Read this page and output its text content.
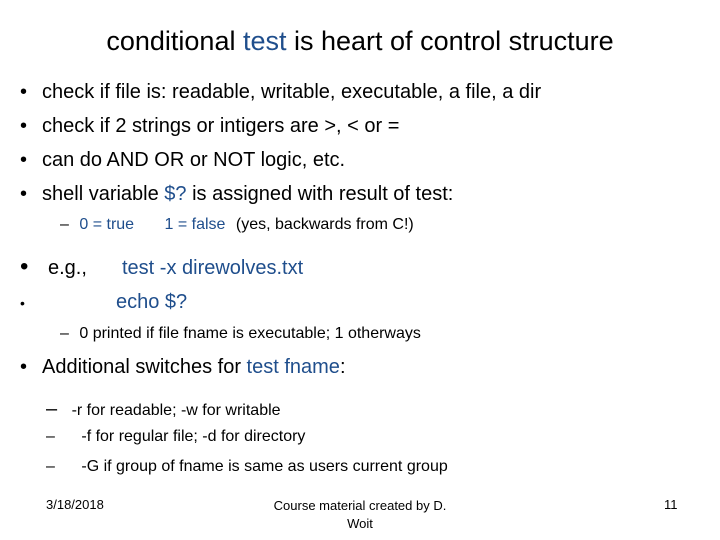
conditional test is heart of control structure
• check if file is: readable, writable, executable, a file, a dir
• check if 2 strings or intigers are >, < or =
• can do AND OR or NOT logic, etc.
• shell variable $? is assigned with result of test:
– 0 = true 1 = false (yes, backwards from C!)
• e.g., test -x direwolves.txt
•	echo $?
– 0 printed if file fname is executable; 1 otherways
• Additional switches for test fname:
– -r for readable; -w for writable
– -f for regular file; -d for directory
– -G if group of fname is same as users current group
3/18/2018	Course material created by D.
Woit
11
